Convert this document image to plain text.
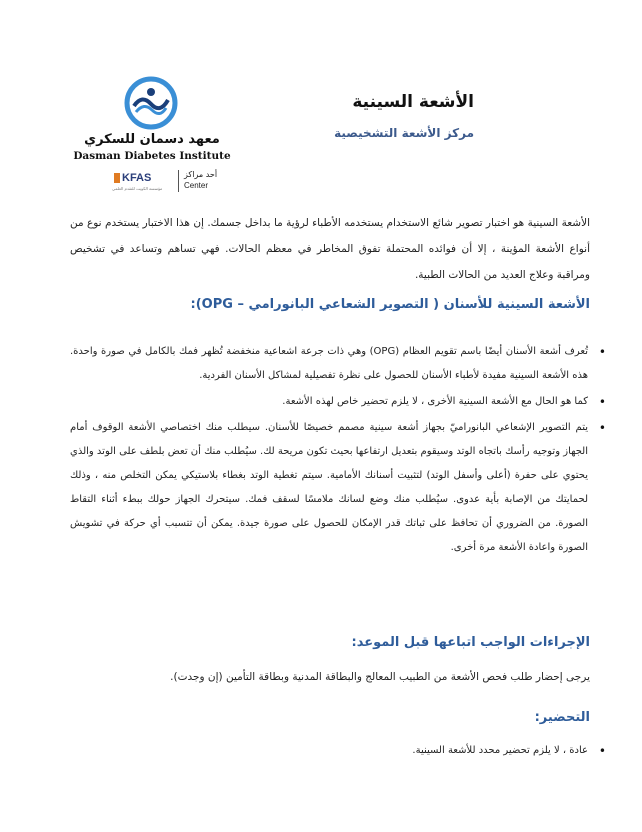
معهد دسمان للسكري
Dasman Diabetes Institute
KFAS
مؤسسة الكويت للتقدم العلمي
أحد مراكز
Center
الأشعة السينية
مركز الأشعة التشخيصية

الأشعة السينية هو اختبار تصوير شائع الاستخدام يستخدمه الأطباء لرؤية ما بداخل جسمك. إن هذا الاختبار يستخدم نوع من أنواع الأشعة المؤينة ، إلا أن فوائده المحتملة تفوق المخاطر في معظم الحالات. فهي تساهم وتساعد في تشخيص ومراقبة وعلاج العديد من الحالات الطبية.

الأشعة السينية للأسنان ( التصوير الشعاعي البانورامي – OPG):
• تُعرف أشعة الأسنان أيضًا باسم تقويم العظام (OPG) وهي ذات جرعة اشعاعية منخفضة تُظهر فمك بالكامل في صورة واحدة. هذه الأشعة السينية مفيدة لأطباء الأسنان للحصول على نظرة تفصيلية لمشاكل الأسنان الفردية.
• كما هو الحال مع الأشعة السينية الأخرى ، لا يلزم تحضير خاص لهذه الأشعة.
• يتم التصوير الإشعاعي البانوراميّ بجهاز أشعة سينية مصمم خصيصًا للأسنان. سيطلب منك اختصاصي الأشعة الوقوف أمام الجهاز وتوجيه رأسك باتجاه الوتد وسيقوم بتعديل ارتفاعها بحيث تكون مريحة لك. سيُطلب منك أن تعض بلطف على الوتد والذي يحتوي على حفرة (أعلى وأسفل الوتد) لتثبيت أسنانك الأمامية. سيتم تغطية الوتد بغطاء بلاستيكي يمكن التخلص منه ، وذلك لحمايتك من الإصابة بأية عدوى. سيُطلب منك وضع لسانك ملامسًا لسقف فمك. سيتحرك الجهاز حولك ببطء أثناء التقاط الصورة. من الضروري أن تحافظ على ثباتك قدر الإمكان للحصول على صورة جيدة. يمكن أن تتسبب أي حركة في تشويش الصورة واعادة الأشعة مرة أخرى.
الإجراءات الواجب اتباعها قبل الموعد:

يرجى إحضار طلب فحص الأشعة من الطبيب المعالج والبطاقة المدنية وبطاقة التأمين (إن وجدت).

التحضير:
• عادة ، لا يلزم تحضير محدد للأشعة السينية.
